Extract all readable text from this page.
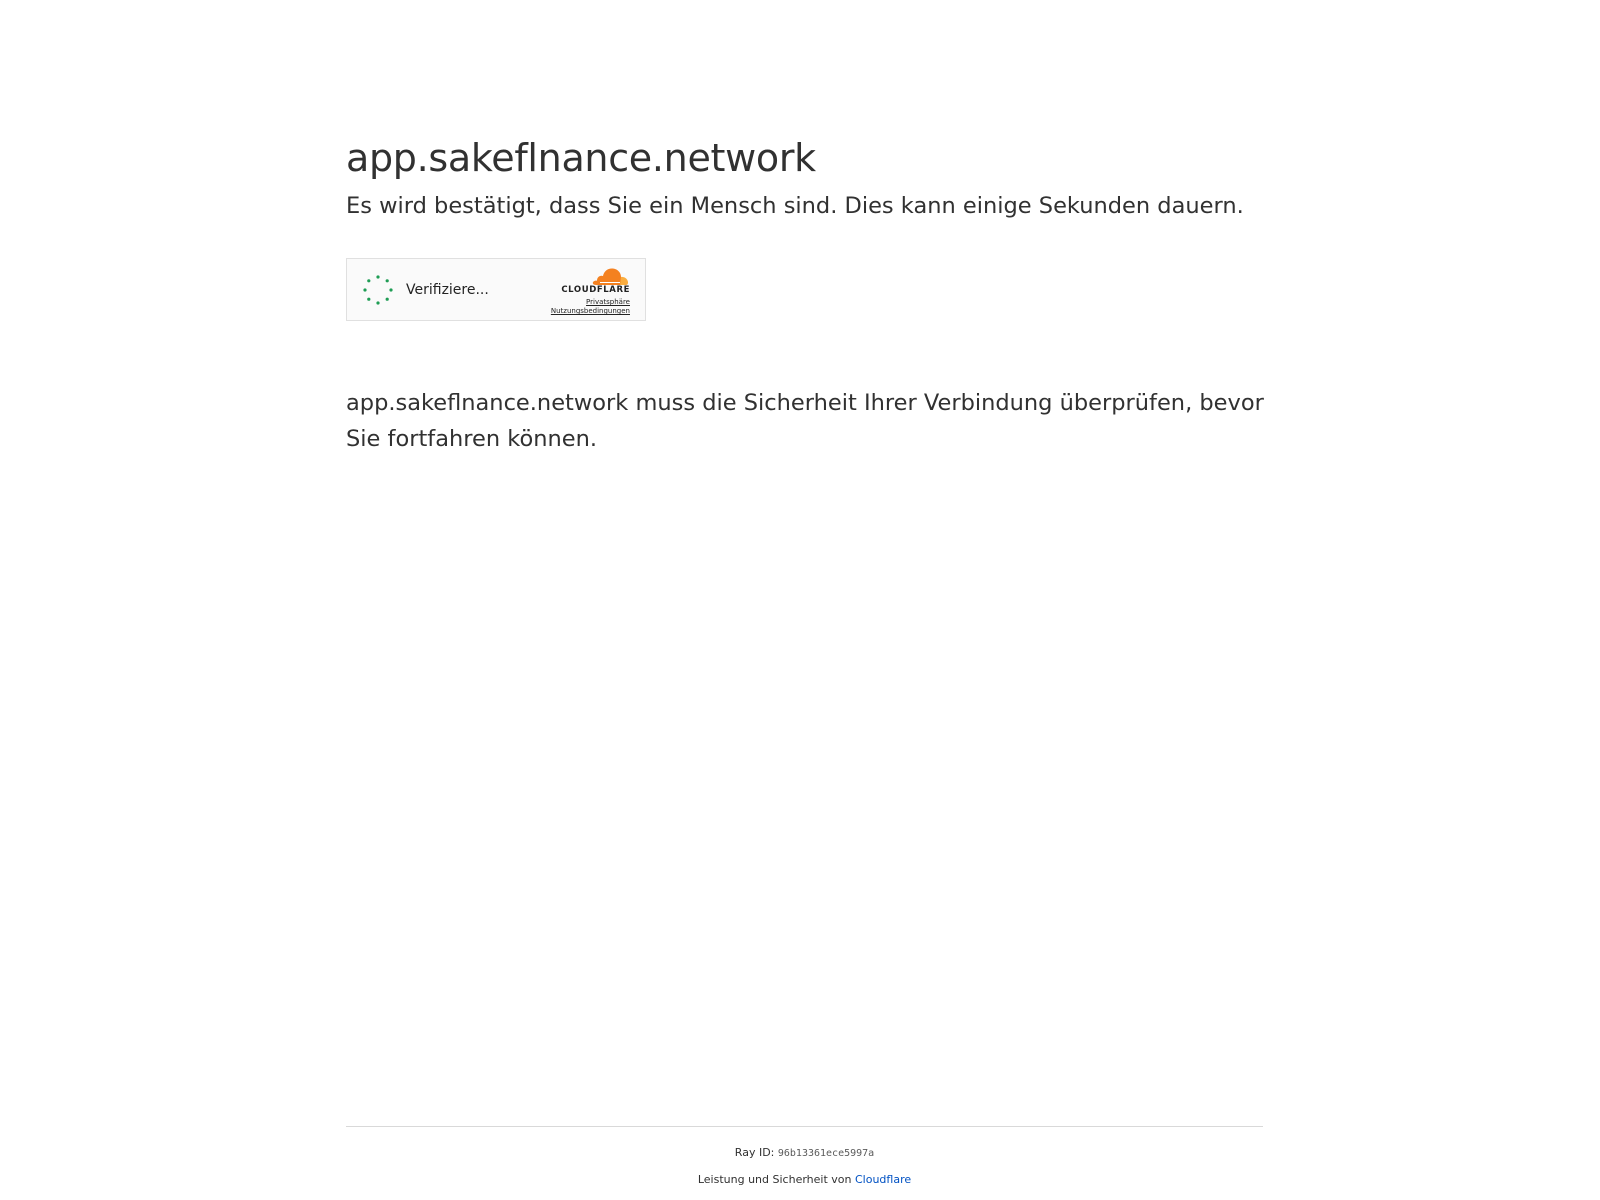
app.sakeflnance.network

Es wird bestätigt, dass Sie ein Mensch sind. Dies kann einige Sekunden dauern.

Verifiziere...	CLOUDFLARE
Privatsphäre
Nutzungsbedingungen

app.sakeflnance.network muss die Sicherheit Ihrer Verbindung überprüfen, bevor Sie fortfahren können.

Ray ID: 96b13361ece5997a
Leistung und Sicherheit von Cloudflare
